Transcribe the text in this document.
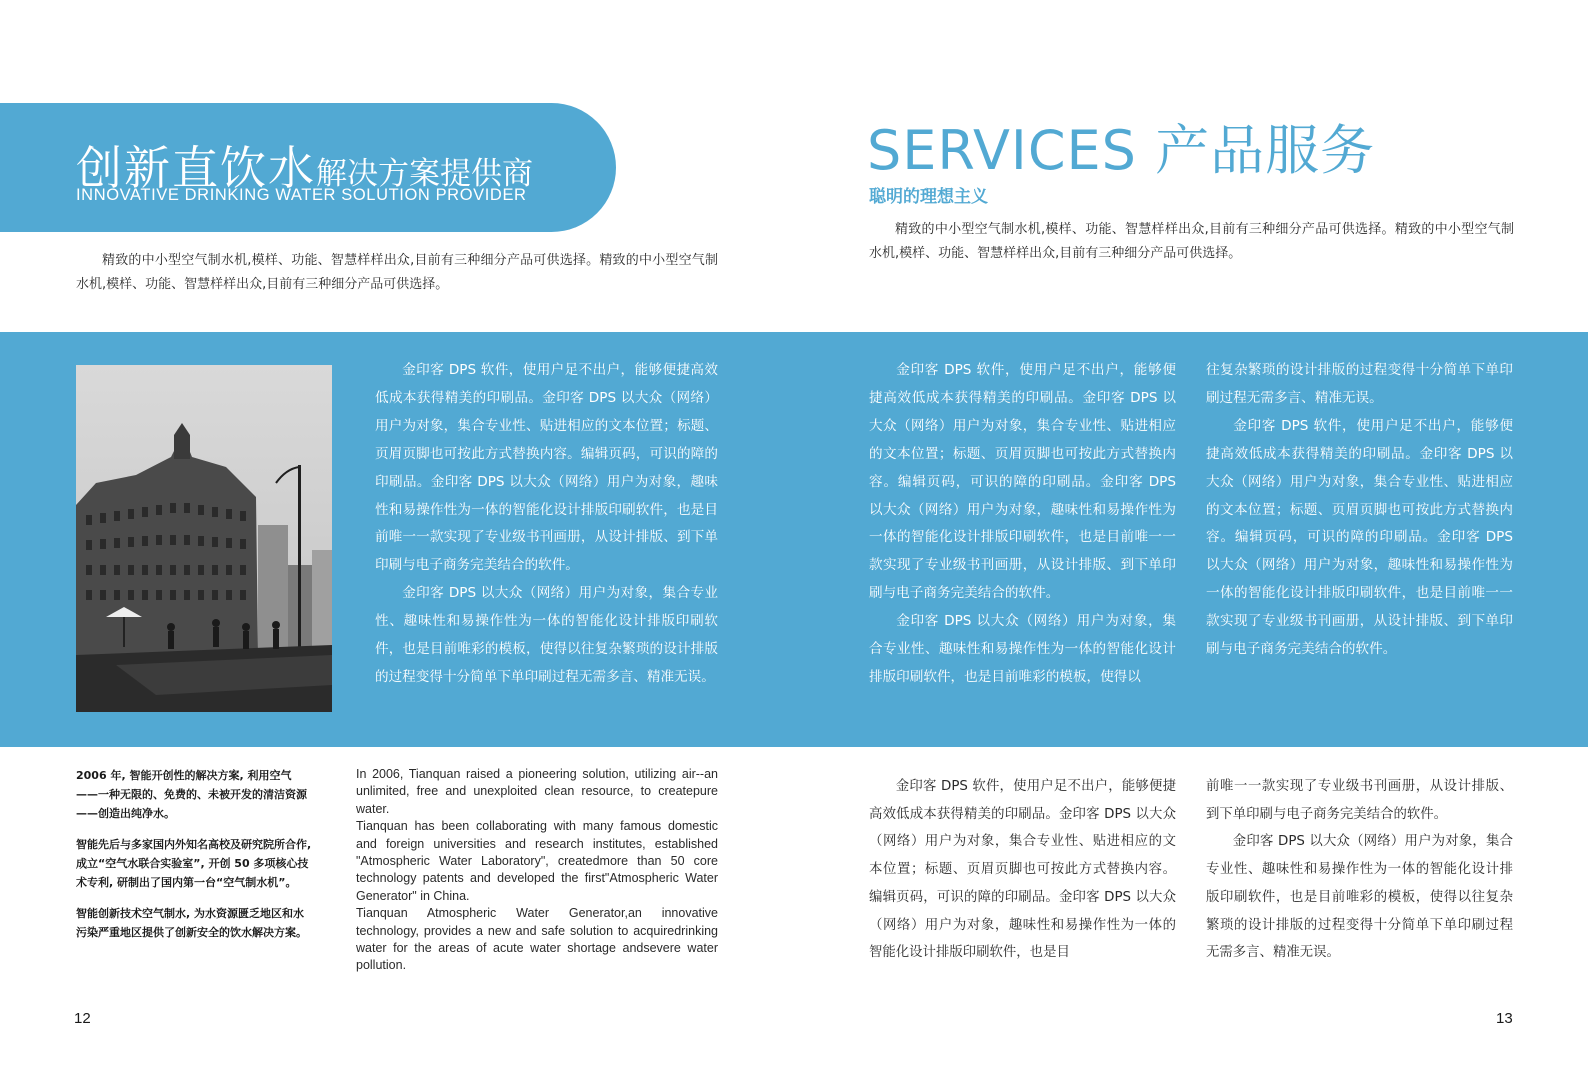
创新直饮水解决方案提供商
INNOVATIVE DRINKING WATER SOLUTION PROVIDER

精致的中小型空气制水机,模样、功能、智慧样样出众,目前有三种细分产品可供选择。精致的中小型空气制水机,模样、功能、智慧样样出众,目前有三种细分产品可供选择。

SERVICES 产品服务
聪明的理想主义

精致的中小型空气制水机,模样、功能、智慧样样出众,目前有三种细分产品可供选择。精致的中小型空气制水机,模样、功能、智慧样样出众,目前有三种细分产品可供选择。

金印客 DPS 软件，使用户足不出户，能够便捷高效低成本获得精美的印刷品。金印客 DPS 以大众（网络）用户为对象，集合专业性、贴进相应的文本位置；标题、页眉页脚也可按此方式替换内容。编辑页码，可识的障的印刷品。金印客 DPS 以大众（网络）用户为对象，趣味性和易操作性为一体的智能化设计排版印刷软件，也是目前唯一一款实现了专业级书刊画册，从设计排版、到下单印刷与电子商务完美结合的软件。

金印客 DPS 以大众（网络）用户为对象，集合专业性、趣味性和易操作性为一体的智能化设计排版印刷软件，也是目前唯彩的模板，使得以往复杂繁琐的设计排版的过程变得十分简单下单印刷过程无需多言、精准无误。

金印客 DPS 软件，使用户足不出户，能够便捷高效低成本获得精美的印刷品。金印客 DPS 以大众（网络）用户为对象，集合专业性、贴进相应的文本位置；标题、页眉页脚也可按此方式替换内容。编辑页码，可识的障的印刷品。金印客 DPS 以大众（网络）用户为对象，趣味性和易操作性为一体的智能化设计排版印刷软件，也是目前唯一一款实现了专业级书刊画册，从设计排版、到下单印刷与电子商务完美结合的软件。

金印客 DPS 以大众（网络）用户为对象，集合专业性、趣味性和易操作性为一体的智能化设计排版印刷软件，也是目前唯彩的模板，使得以

往复杂繁琐的设计排版的过程变得十分简单下单印刷过程无需多言、精准无误。

金印客 DPS 软件，使用户足不出户，能够便捷高效低成本获得精美的印刷品。金印客 DPS 以大众（网络）用户为对象，集合专业性、贴进相应的文本位置；标题、页眉页脚也可按此方式替换内容。编辑页码，可识的障的印刷品。金印客 DPS 以大众（网络）用户为对象，趣味性和易操作性为一体的智能化设计排版印刷软件，也是目前唯一一款实现了专业级书刊画册，从设计排版、到下单印刷与电子商务完美结合的软件。

2006 年, 智能开创性的解决方案, 利用空气——一种无限的、免费的、未被开发的清洁资源——创造出纯净水。

智能先后与多家国内外知名高校及研究院所合作, 成立“空气水联合实验室”, 开创 50 多项核心技术专利, 研制出了国内第一台“空气制水机”。

智能创新技术空气制水, 为水资源匮乏地区和水污染严重地区提供了创新安全的饮水解决方案。

In 2006, Tianquan raised a pioneering solution, utilizing air--an unlimited, free and unexploited clean resource, to createpure water.
Tianquan has been collaborating with many famous domestic and foreign universities and research institutes, established "Atmospheric Water Laboratory", createdmore than 50 core technology patents and developed the first"Atmospheric Water Generator" in China.
Tianquan Atmospheric Water Generator,an innovative technology, provides a new and safe solution to acquiredrinking water for the areas of acute water shortage andsevere water pollution.

金印客 DPS 软件，使用户足不出户，能够便捷高效低成本获得精美的印刷品。金印客 DPS 以大众（网络）用户为对象，集合专业性、贴进相应的文本位置；标题、页眉页脚也可按此方式替换内容。编辑页码，可识的障的印刷品。金印客 DPS 以大众（网络）用户为对象，趣味性和易操作性为一体的智能化设计排版印刷软件，也是目

前唯一一款实现了专业级书刊画册，从设计排版、到下单印刷与电子商务完美结合的软件。

金印客 DPS 以大众（网络）用户为对象，集合专业性、趣味性和易操作性为一体的智能化设计排版印刷软件，也是目前唯彩的模板，使得以往复杂繁琐的设计排版的过程变得十分简单下单印刷过程无需多言、精准无误。

12	13
